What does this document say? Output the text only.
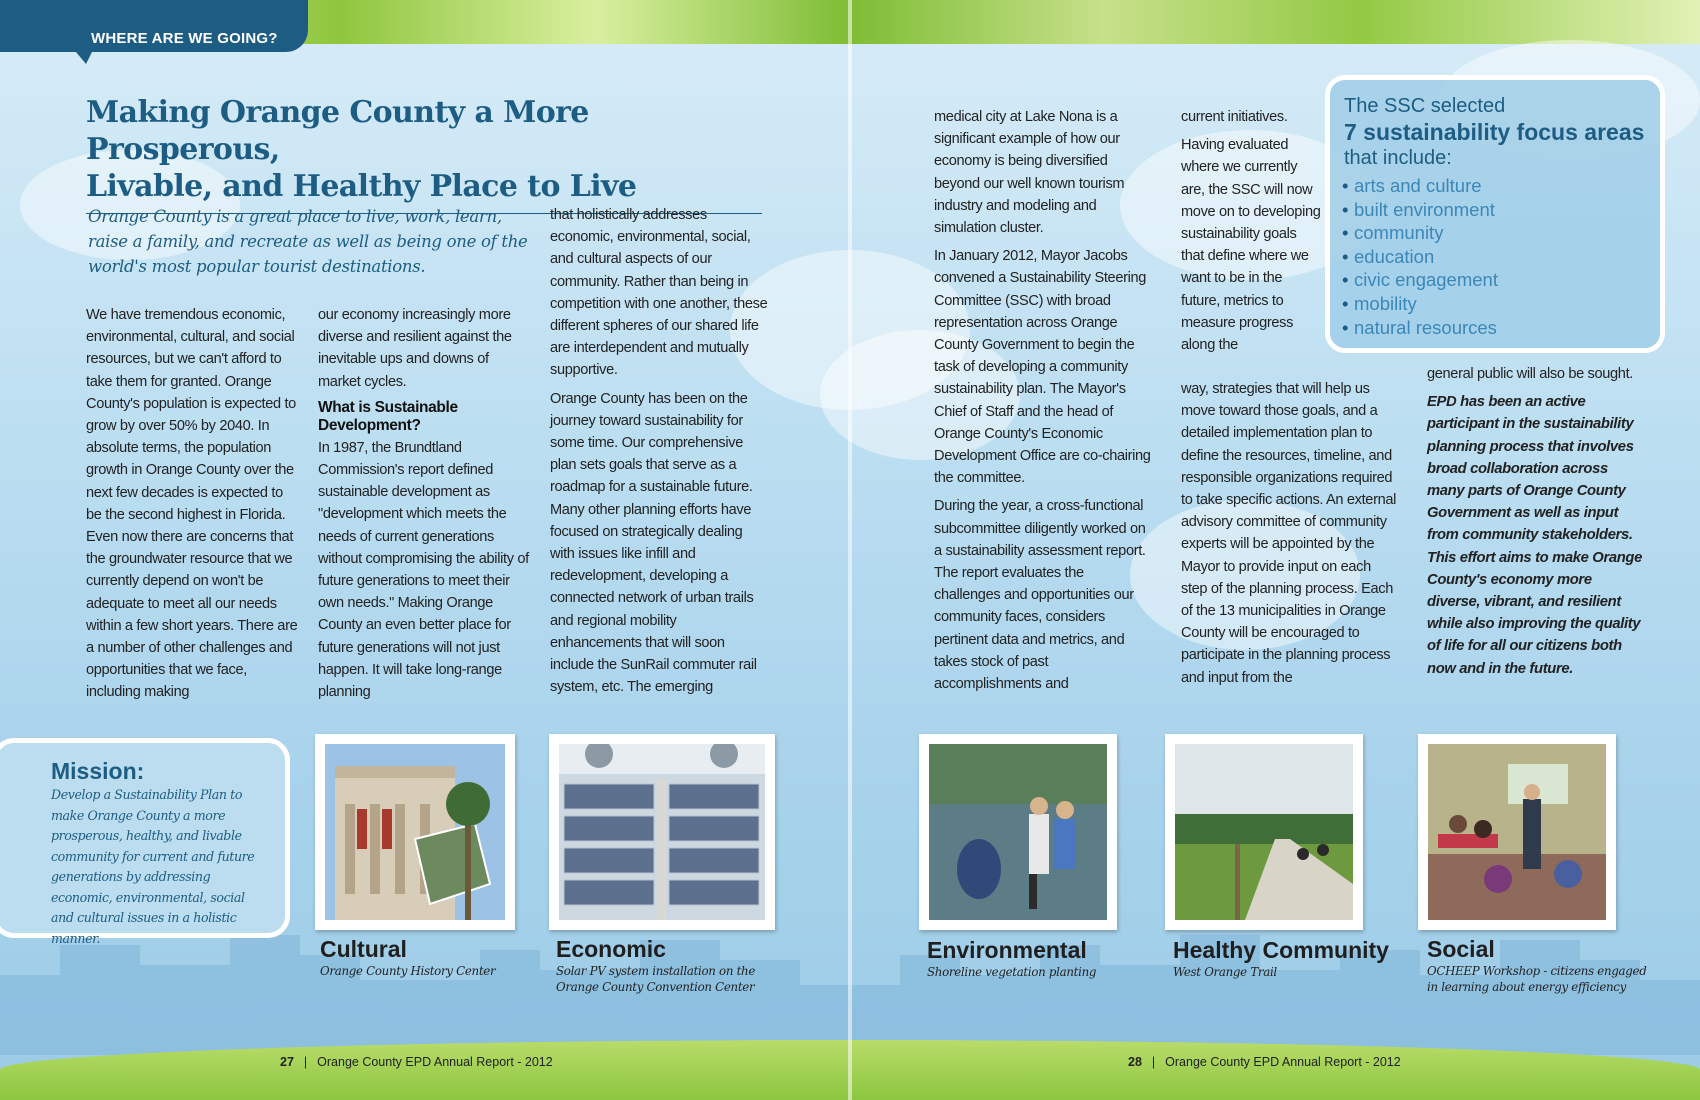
WHERE ARE WE GOING?
Making Orange County a More Prosperous,
Livable, and Healthy Place to Live

Orange County is a great place to live, work, learn, raise a family, and recreate as well as being one of the world's most popular tourist destinations.

We have tremendous economic, environmental, cultural, and social resources, but we can't afford to take them for granted. Orange County's population is expected to grow by over 50% by 2040. In absolute terms, the population growth in Orange County over the next few decades is expected to be the second highest in Florida. Even now there are concerns that the groundwater resource that we currently depend on won't be adequate to meet all our needs within a few short years. There are a number of other challenges and opportunities that we face, including making

our economy increasingly more diverse and resilient against the inevitable ups and downs of market cycles.

What is Sustainable Development?

In 1987, the Brundtland Commission's report defined sustainable development as "development which meets the needs of current generations without compromising the ability of future generations to meet their own needs." Making Orange County an even better place for future generations will not just happen. It will take long-range planning

that holistically addresses economic, environmental, social, and cultural aspects of our community. Rather than being in competition with one another, these different spheres of our shared life are interdependent and mutually supportive.

Orange County has been on the journey toward sustainability for some time. Our comprehensive plan sets goals that serve as a roadmap for a sustainable future. Many other planning efforts have focused on strategically dealing with issues like infill and redevelopment, developing a connected network of urban trails and regional mobility enhancements that will soon include the SunRail commuter rail system, etc. The emerging

medical city at Lake Nona is a significant example of how our economy is being diversified beyond our well known tourism industry and modeling and simulation cluster.

In January 2012, Mayor Jacobs convened a Sustainability Steering Committee (SSC) with broad representation across Orange County Government to begin the task of developing a community sustainability plan. The Mayor's Chief of Staff and the head of Orange County's Economic Development Office are co-chairing the committee.

During the year, a cross-functional subcommittee diligently worked on a sustainability assessment report. The report evaluates the challenges and opportunities our community faces, considers pertinent data and metrics, and takes stock of past accomplishments and

current initiatives.

Having evaluated where we currently are, the SSC will now move on to developing sustainability goals that define where we want to be in the future, metrics to measure progress along the

way, strategies that will help us move toward those goals, and a detailed implementation plan to define the resources, timeline, and responsible organizations required to take specific actions. An external advisory committee of community experts will be appointed by the Mayor to provide input on each step of the planning process. Each of the 13 municipalities in Orange County will be encouraged to participate in the planning process and input from the

general public will also be sought.

EPD has been an active participant in the sustainability planning process that involves broad collaboration across many parts of Orange County Government as well as input from community stakeholders. This effort aims to make Orange County's economy more diverse, vibrant, and resilient while also improving the quality of life for all our citizens both now and in the future.

The SSC selected
7 sustainability focus areas
that include:
• arts and culture
• built environment
• community
• education
• civic engagement
• mobility
• natural resources
Mission:

Develop a Sustainability Plan to make Orange County a more prosperous, healthy, and livable community for current and future generations by addressing economic, environmental, social and cultural issues in a holistic manner.	Cultural
Orange County History Center
Economic
Solar PV system installation on the Orange County Convention Center
Environmental
Shoreline vegetation planting
Healthy Community
West Orange Trail
Social
OCHEEP Workshop - citizens engaged in learning about energy efficiency
27 | Orange County EPD Annual Report - 2012	28 | Orange County EPD Annual Report - 2012
